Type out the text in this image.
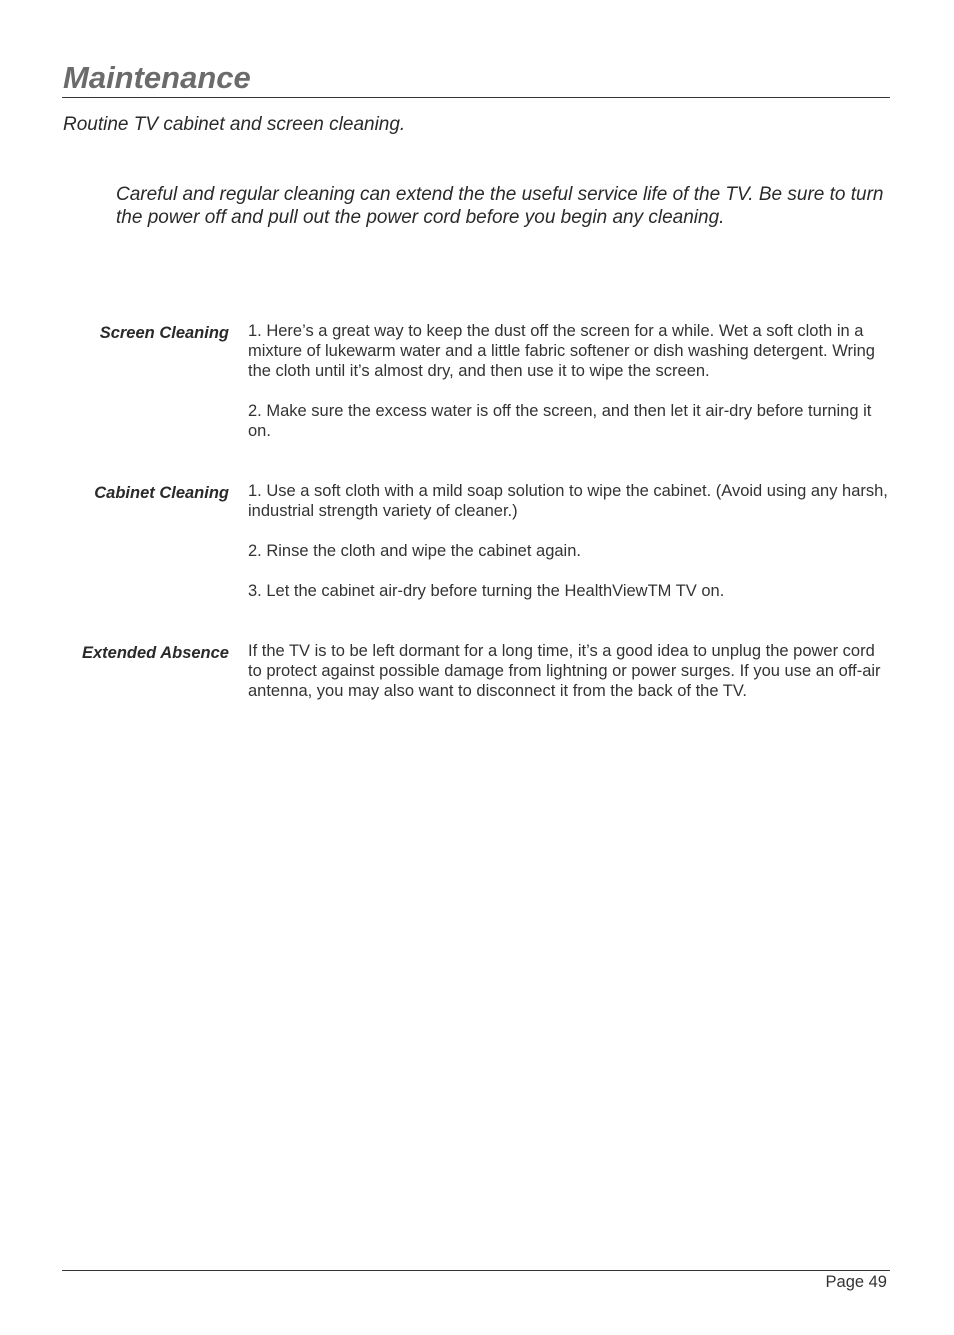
Maintenance
Routine TV cabinet and screen cleaning.
Careful and regular cleaning can extend the the useful service life of the TV. Be sure to turn the power off and pull out the power cord before you begin any cleaning.
Screen Cleaning 1. Here’s a great way to keep the dust off the screen for a while. Wet a soft cloth in a mixture of lukewarm water and a little fabric softener or dish washing detergent. Wring the cloth until it’s almost dry, and then use it to wipe the screen.

2. Make sure the excess water is off the screen, and then let it air-dry before turning it on.

Cabinet Cleaning 1. Use a soft cloth with a mild soap solution to wipe the cabinet. (Avoid using any harsh, industrial strength variety of cleaner.)

2. Rinse the cloth and wipe the cabinet again.

3. Let the cabinet air-dry before turning the HealthViewTM TV on.

Extended Absence If the TV is to be left dormant for a long time, it’s a good idea to unplug the power cord to protect against possible damage from lightning or power surges. If you use an off-air antenna, you may also want to disconnect it from the back of the TV.

Page 49
